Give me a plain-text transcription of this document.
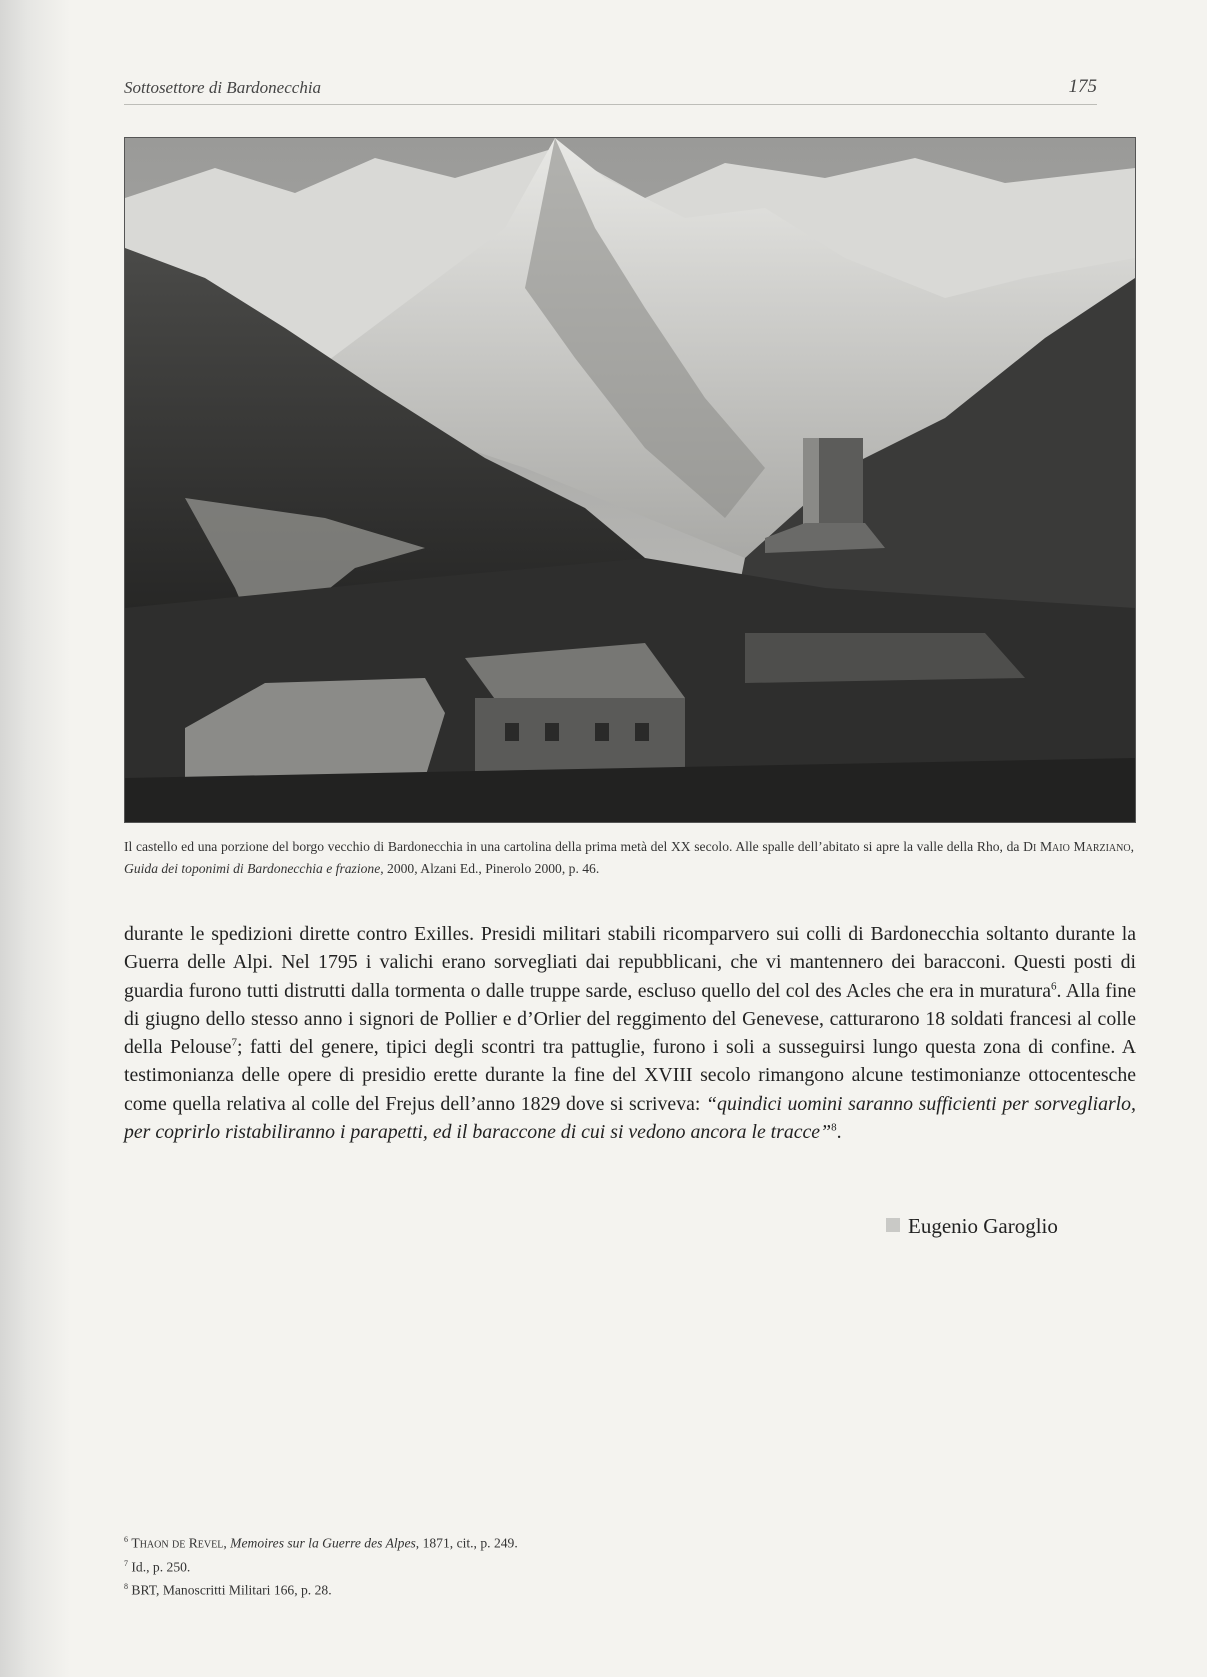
Sottosettore di Bardonecchia	175

Il castello ed una porzione del borgo vecchio di Bardonecchia in una cartolina della prima metà del XX secolo. Alle spalle dell’abitato si apre la valle della Rho, da Di Maio Marziano, Guida dei toponimi di Bardonecchia e frazione, 2000, Alzani Ed., Pinerolo 2000, p. 46.

durante le spedizioni dirette contro Exilles. Presidi militari stabili ricomparvero sui colli di Bardonecchia soltanto durante la Guerra delle Alpi. Nel 1795 i valichi erano sorvegliati dai repubblicani, che vi mantennero dei baracconi. Questi posti di guardia furono tutti distrutti dalla tormenta o dalle truppe sarde, escluso quello del col des Acles che era in muratura$^6$. Alla fine di giugno dello stesso anno i signori de Pollier e d’Orlier del reggimento del Genevese, catturarono 18 soldati francesi al colle della Pelouse$^7$; fatti del genere, tipici degli scontri tra pattuglie, furono i soli a susseguirsi lungo questa zona di confine. A testimonianza delle opere di presidio erette durante la fine del XVIII secolo rimangono alcune testimonianze ottocentesche come quella relativa al colle del Frejus dell’anno 1829 dove si scriveva: “quindici uomini saranno sufficienti per sorvegliarlo, per coprirlo ristabiliranno i parapetti, ed il baraccone di cui si vedono ancora le tracce”$^8$.

Eugenio Garoglio
$^6$ Thaon de Revel, Memoires sur la Guerre des Alpes, 1871, cit., p. 249.
$^7$ Id., p. 250.
$^8$ BRT, Manoscritti Militari 166, p. 28.
